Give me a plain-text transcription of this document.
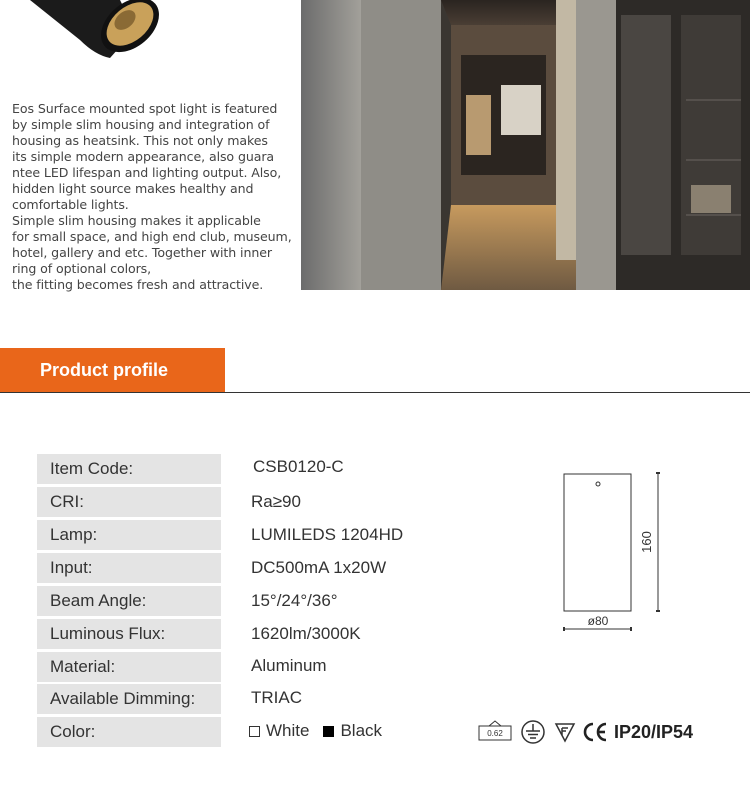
Eos Surface mounted spot light is featured
by simple slim housing and integration of
housing as heatsink. This not only makes
its simple modern appearance, also guara
ntee LED lifespan and lighting output. Also,
hidden light source makes healthy and
comfortable lights.
Simple slim housing makes it applicable
for small space, and high end club, museum,
hotel, gallery and etc. Together with inner
ring of optional colors,
the fitting becomes fresh and attractive.
Product profile
Item Code:	CSB0120-C
CRI:	Ra≥90
Lamp:	LUMILEDS 1204HD
Input:	DC500mA 1x20W
Beam Angle:	15°/24°/36°
Luminous Flux:	1620lm/3000K
Material:	Aluminum
Available Dimming:	TRIAC
Color:	White Black
160
ø80
0.62	IP20/IP54
